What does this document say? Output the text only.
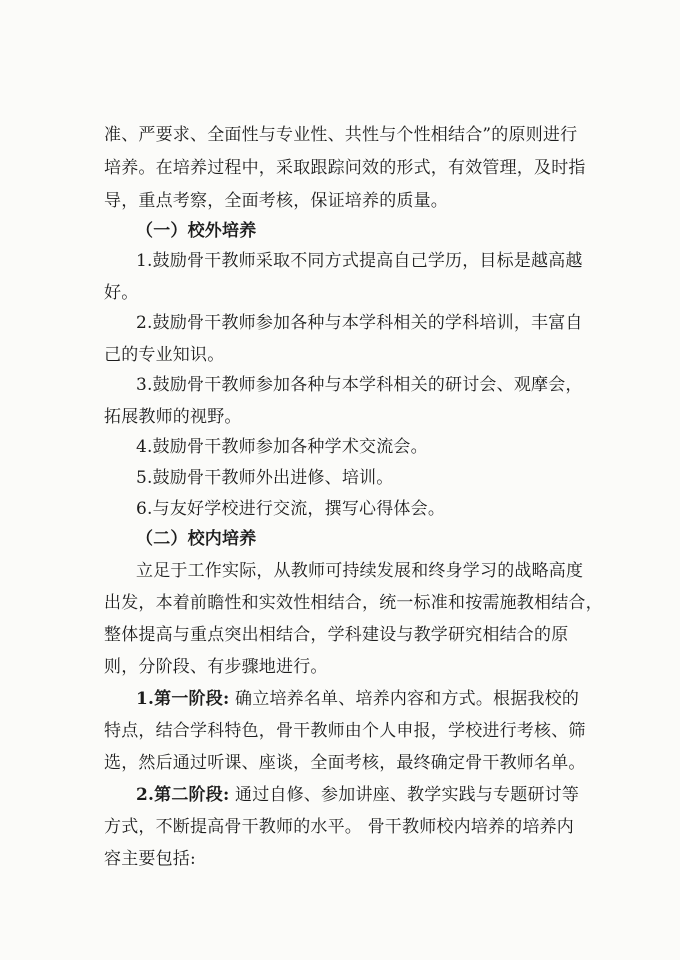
准、严要求、全面性与专业性、共性与个性相结合”的原则进行
培养。在培养过程中，采取跟踪问效的形式，有效管理，及时指
导，重点考察，全面考核，保证培养的质量。
（一）校外培养
1.鼓励骨干教师采取不同方式提高自己学历，目标是越高越
好。
2.鼓励骨干教师参加各种与本学科相关的学科培训，丰富自
己的专业知识。
3.鼓励骨干教师参加各种与本学科相关的研讨会、观摩会，
拓展教师的视野。
4.鼓励骨干教师参加各种学术交流会。
5.鼓励骨干教师外出进修、培训。
6.与友好学校进行交流，撰写心得体会。
（二）校内培养
立足于工作实际，从教师可持续发展和终身学习的战略高度
出发，本着前瞻性和实效性相结合，统一标准和按需施教相结合，
整体提高与重点突出相结合，学科建设与教学研究相结合的原
则，分阶段、有步骤地进行。
1.第一阶段: 确立培养名单、培养内容和方式。根据我校的
特点，结合学科特色，骨干教师由个人申报，学校进行考核、筛
选，然后通过听课、座谈，全面考核，最终确定骨干教师名单。
2.第二阶段: 通过自修、参加讲座、教学实践与专题研讨等
方式，不断提高骨干教师的水平。 骨干教师校内培养的培养内
容主要包括:
